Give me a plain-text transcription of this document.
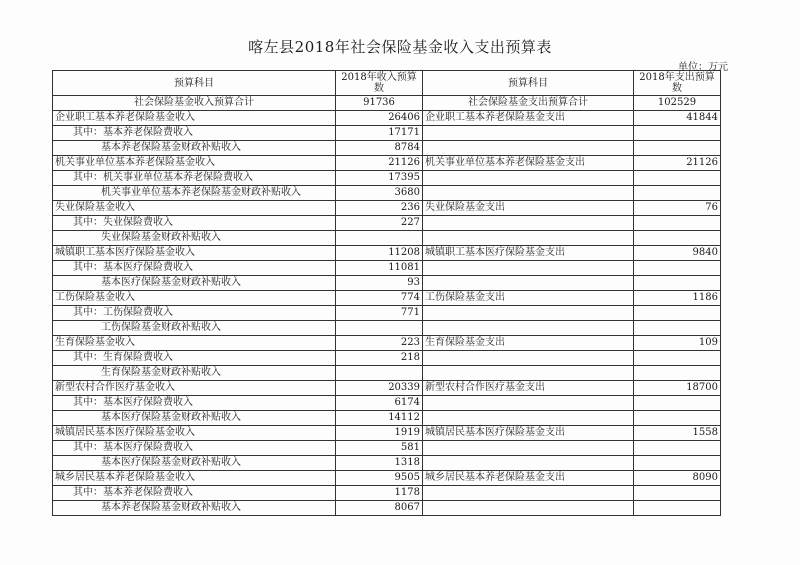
喀左县2018年社会保险基金收入支出预算表
单位：万元
预算科目	2018年收入预算数	预算科目	2018年支出预算数
社会保险基金收入预算合计	91736	社会保险基金支出预算合计	102529
企业职工基本养老保险基金收入	26406	企业职工基本养老保险基金支出	41844
其中：基本养老保险费收入	17171		
基本养老保险基金财政补贴收入	8784		
机关事业单位基本养老保险基金收入	21126	机关事业单位基本养老保险基金支出	21126
其中：机关事业单位基本养老保险费收入	17395		
机关事业单位基本养老保险基金财政补贴收入	3680		
失业保险基金收入	236	失业保险基金支出	76
其中：失业保险费收入	227		
失业保险基金财政补贴收入			
城镇职工基本医疗保险基金收入	11208	城镇职工基本医疗保险基金支出	9840
其中：基本医疗保险费收入	11081		
基本医疗保险基金财政补贴收入	93		
工伤保险基金收入	774	工伤保险基金支出	1186
其中：工伤保险费收入	771		
工伤保险基金财政补贴收入			
生育保险基金收入	223	生育保险基金支出	109
其中：生育保险费收入	218		
生育保险基金财政补贴收入			
新型农村合作医疗基金收入	20339	新型农村合作医疗基金支出	18700
其中：基本医疗保险费收入	6174		
基本医疗保险基金财政补贴收入	14112		
城镇居民基本医疗保险基金收入	1919	城镇居民基本医疗保险基金支出	1558
其中：基本医疗保险费收入	581		
基本医疗保险基金财政补贴收入	1318		
城乡居民基本养老保险基金收入	9505	城乡居民基本养老保险基金支出	8090
其中：基本养老保险费收入	1178		
基本养老保险基金财政补贴收入	8067		
